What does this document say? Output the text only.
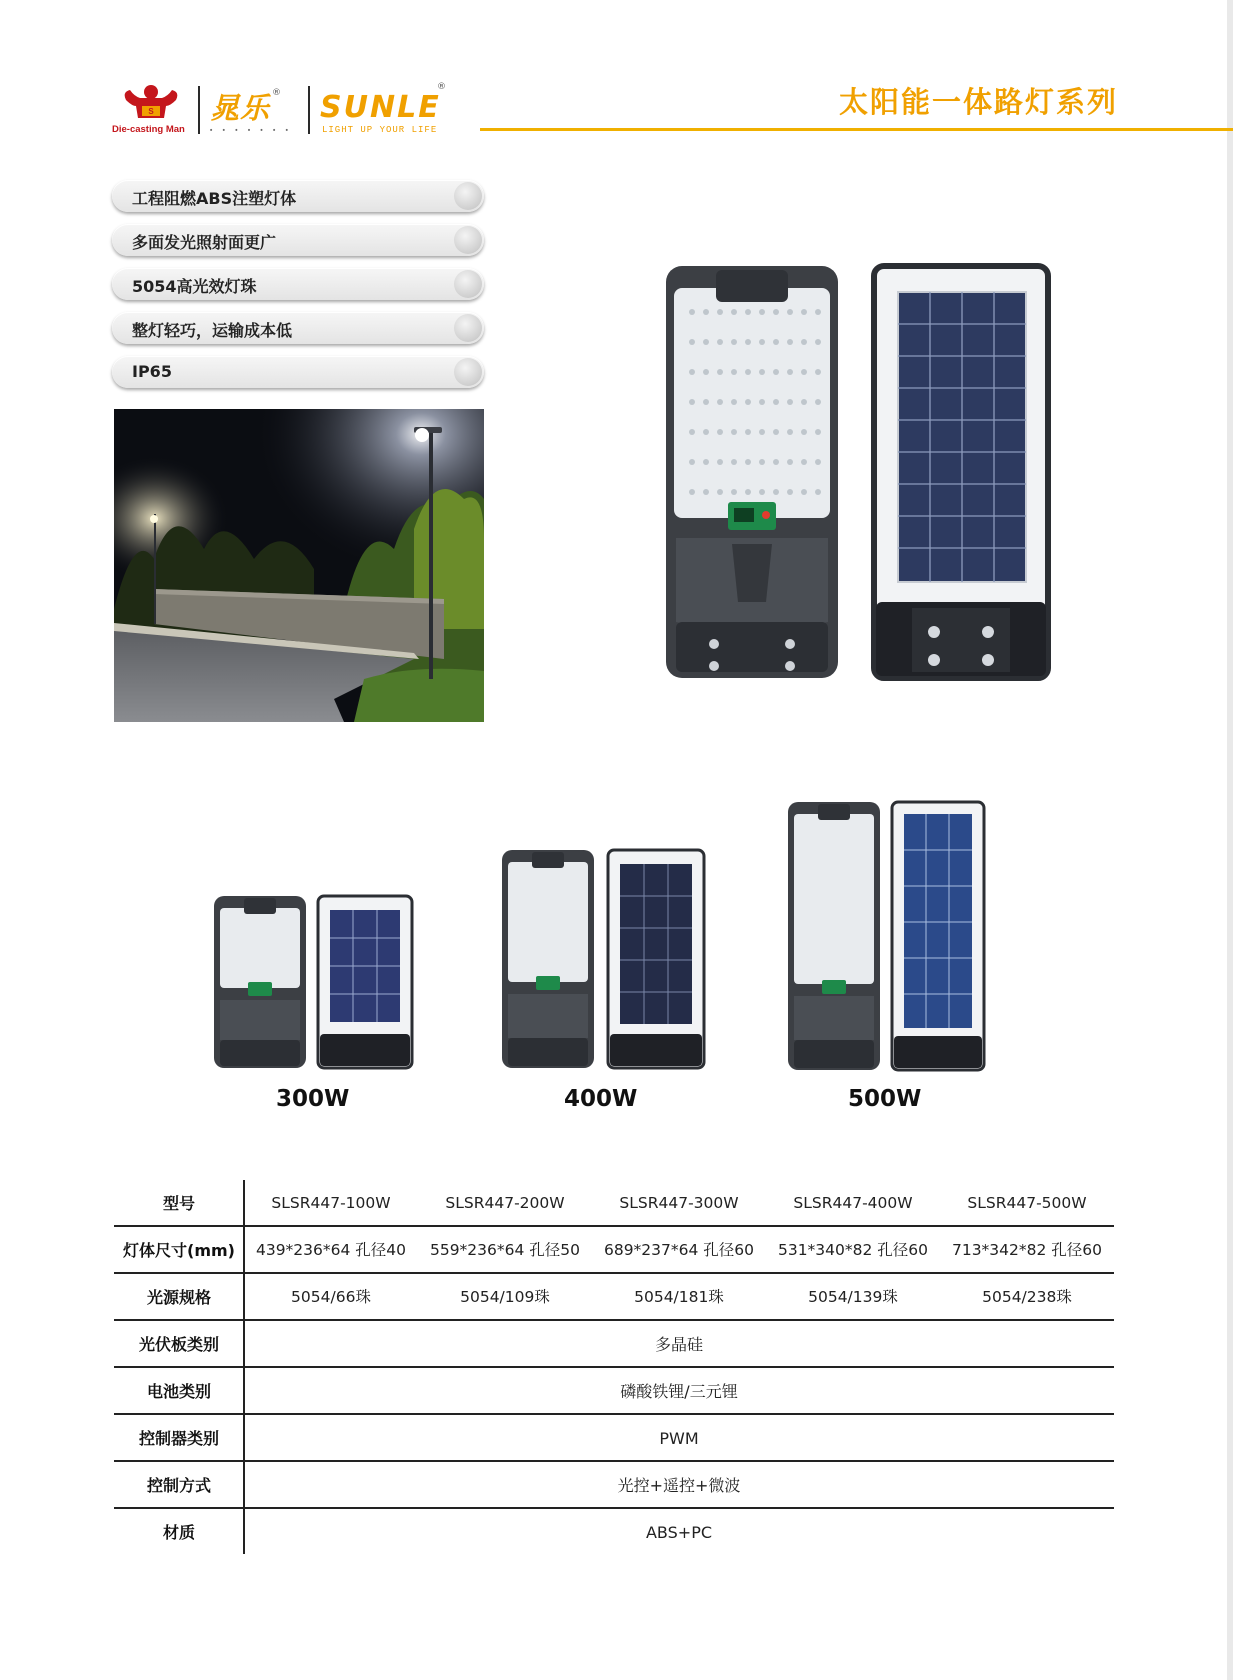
S
Die-casting Man
晁乐 ®
∙ ∙ ∙ ∙ ∙ ∙ ∙
SUNLE
®
LIGHT UP YOUR LIFE
太阳能一体路灯系列
工程阻燃ABS注塑灯体
多面发光照射面更广
5054高光效灯珠
整灯轻巧，运输成本低
IP65
300W	400W	500W
型号	SLSR447-100W	SLSR447-200W	SLSR447-300W	SLSR447-400W	SLSR447-500W
灯体尺寸(mm)	439*236*64 孔径40	559*236*64 孔径50	689*237*64 孔径60	531*340*82 孔径60	713*342*82 孔径60
光源规格	5054/66珠	5054/109珠	5054/181珠	5054/139珠	5054/238珠
光伏板类别	多晶硅
电池类别	磷酸铁锂/三元锂
控制器类别	PWM
控制方式	光控+遥控+微波
材质	ABS+PC
